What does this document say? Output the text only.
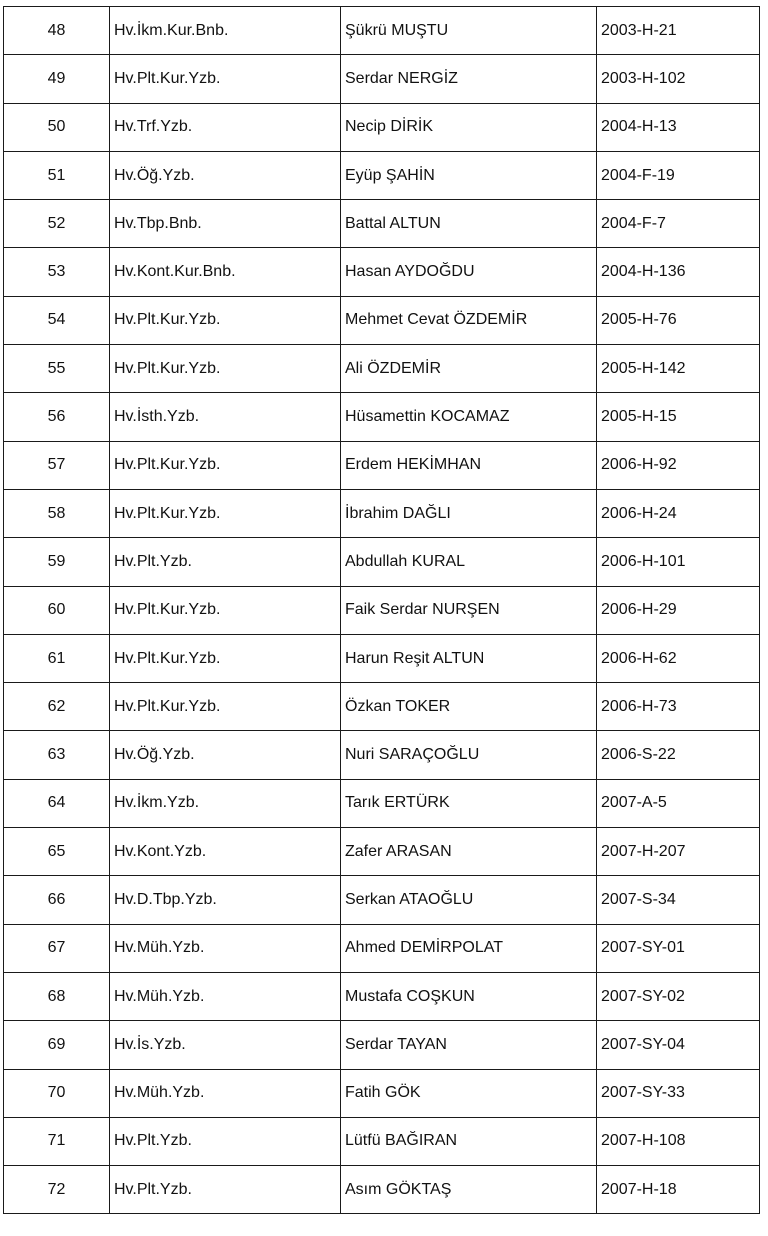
48	Hv.İkm.Kur.Bnb.	Şükrü MUŞTU	2003-H-21
49	Hv.Plt.Kur.Yzb.	Serdar NERGİZ	2003-H-102
50	Hv.Trf.Yzb.	Necip DİRİK	2004-H-13
51	Hv.Öğ.Yzb.	Eyüp ŞAHİN	2004-F-19
52	Hv.Tbp.Bnb.	Battal ALTUN	2004-F-7
53	Hv.Kont.Kur.Bnb.	Hasan AYDOĞDU	2004-H-136
54	Hv.Plt.Kur.Yzb.	Mehmet Cevat ÖZDEMİR	2005-H-76
55	Hv.Plt.Kur.Yzb.	Ali ÖZDEMİR	2005-H-142
56	Hv.İsth.Yzb.	Hüsamettin KOCAMAZ	2005-H-15
57	Hv.Plt.Kur.Yzb.	Erdem HEKİMHAN	2006-H-92
58	Hv.Plt.Kur.Yzb.	İbrahim DAĞLI	2006-H-24
59	Hv.Plt.Yzb.	Abdullah KURAL	2006-H-101
60	Hv.Plt.Kur.Yzb.	Faik Serdar NURŞEN	2006-H-29
61	Hv.Plt.Kur.Yzb.	Harun Reşit ALTUN	2006-H-62
62	Hv.Plt.Kur.Yzb.	Özkan TOKER	2006-H-73
63	Hv.Öğ.Yzb.	Nuri SARAÇOĞLU	2006-S-22
64	Hv.İkm.Yzb.	Tarık ERTÜRK	2007-A-5
65	Hv.Kont.Yzb.	Zafer ARASAN	2007-H-207
66	Hv.D.Tbp.Yzb.	Serkan ATAOĞLU	2007-S-34
67	Hv.Müh.Yzb.	Ahmed DEMİRPOLAT	2007-SY-01
68	Hv.Müh.Yzb.	Mustafa COŞKUN	2007-SY-02
69	Hv.İs.Yzb.	Serdar TAYAN	2007-SY-04
70	Hv.Müh.Yzb.	Fatih GÖK	2007-SY-33
71	Hv.Plt.Yzb.	Lütfü BAĞIRAN	2007-H-108
72	Hv.Plt.Yzb.	Asım GÖKTAŞ	2007-H-18
